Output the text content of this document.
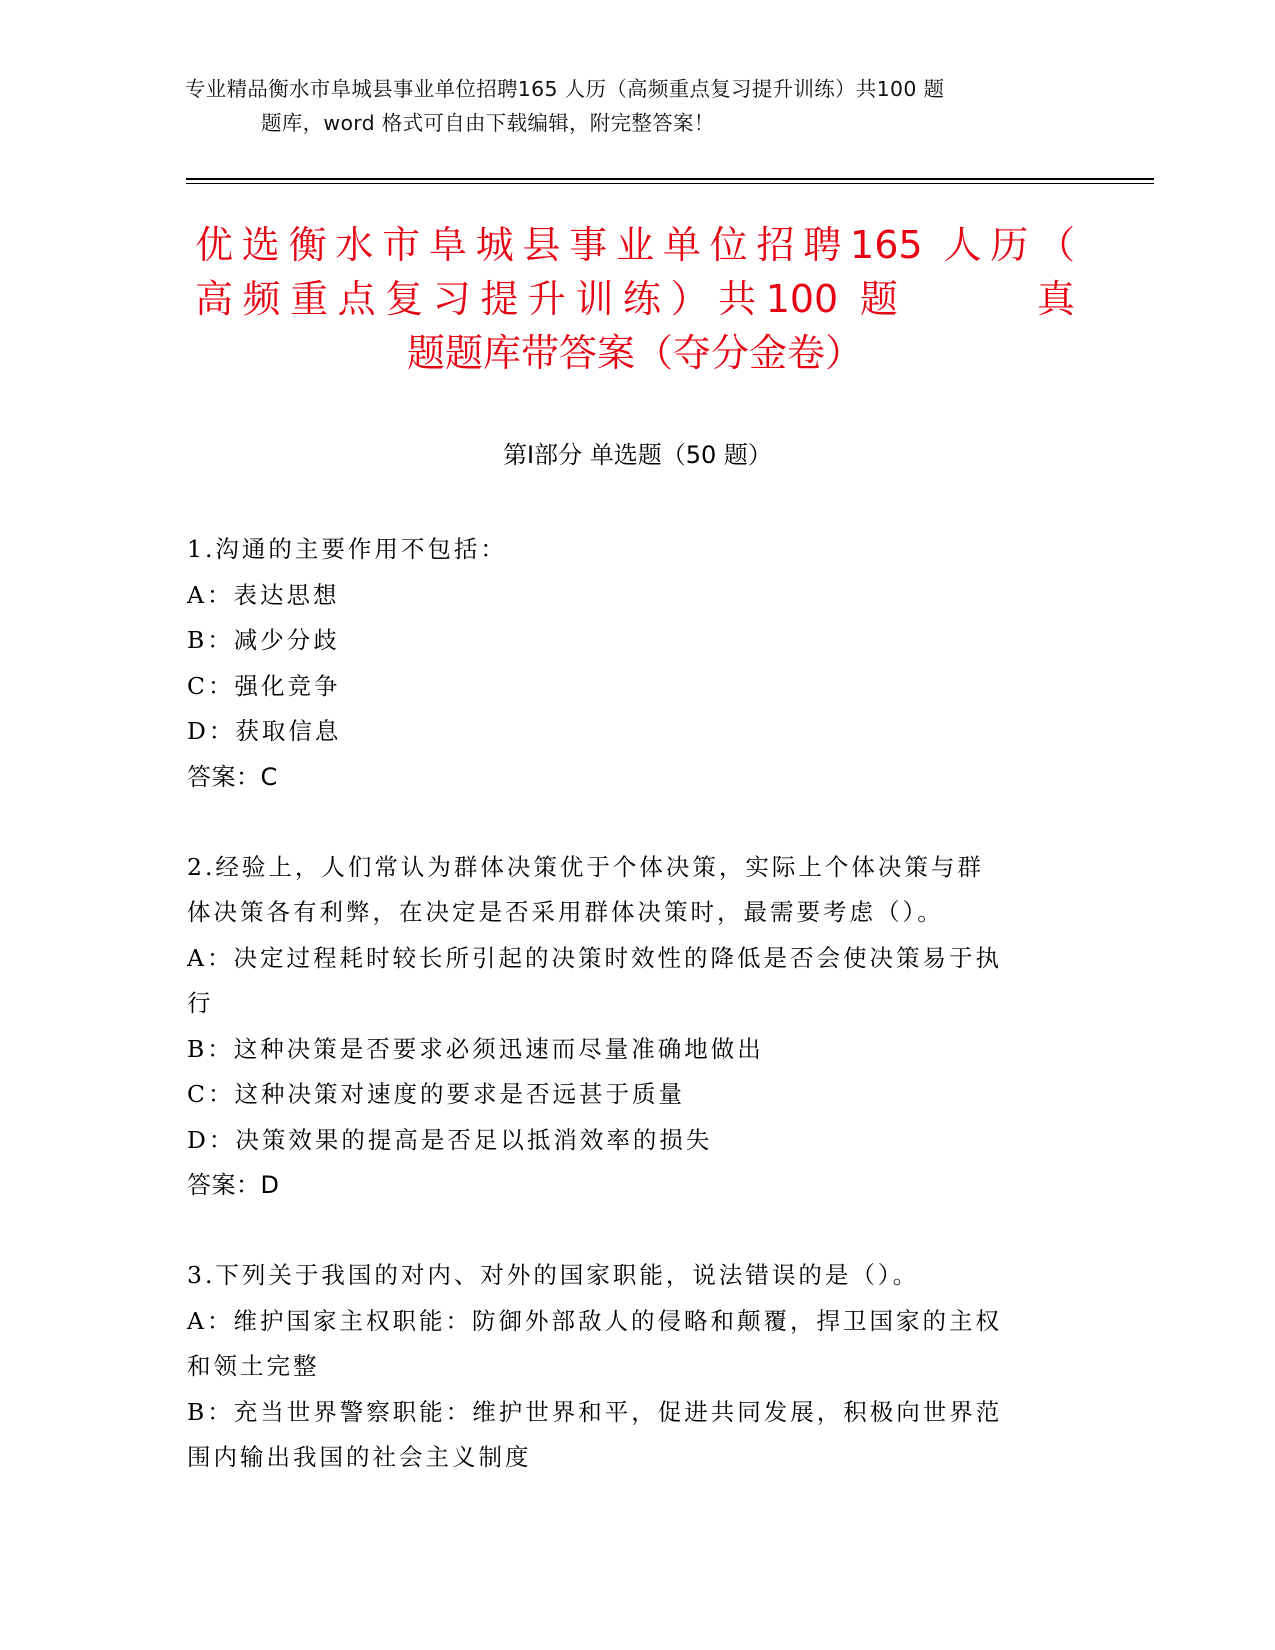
专业精品衡水市阜城县事业单位招聘165 人历（高频重点复习提升训练）共100 题
题库，word 格式可自由下载编辑，附完整答案！
优选衡水市阜城县事业单位招聘165 人历（
高频重点复习提升训练）共100 题	真
题题库带答案（夺分金卷）
第Ⅰ部分 单选题（50 题）
1.沟通的主要作用不包括：
A：表达思想
B：减少分歧
C：强化竞争
D：获取信息
答案：C
2.经验上，人们常认为群体决策优于个体决策，实际上个体决策与群
体决策各有利弊，在决定是否采用群体决策时，最需要考虑（）。
A：决定过程耗时较长所引起的决策时效性的降低是否会使决策易于执
行
B：这种决策是否要求必须迅速而尽量准确地做出
C：这种决策对速度的要求是否远甚于质量
D：决策效果的提高是否足以抵消效率的损失
答案：D
3.下列关于我国的对内、对外的国家职能，说法错误的是（）。
A：维护国家主权职能：防御外部敌人的侵略和颠覆，捍卫国家的主权
和领土完整
B：充当世界警察职能：维护世界和平，促进共同发展，积极向世界范
围内输出我国的社会主义制度
